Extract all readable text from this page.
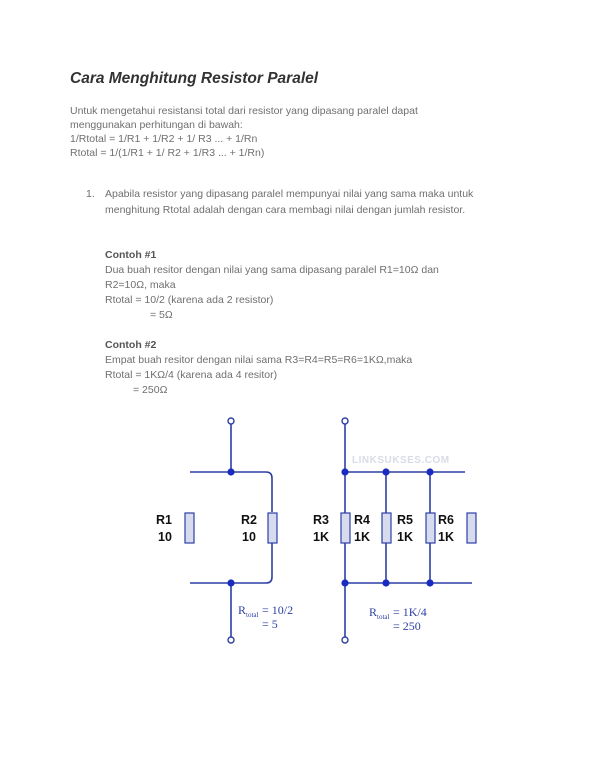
Cara Menghitung Resistor Paralel

Untuk mengetahui resistansi total dari resistor yang dipasang paralel dapat

menggunakan perhitungan di bawah:

1/Rtotal = 1/R1 + 1/R2 + 1/ R3 ... + 1/Rn

Rtotal = 1/(1/R1 + 1/ R2 + 1/R3 ... + 1/Rn)

1. Apabila resistor yang dipasang paralel mempunyai nilai yang sama maka untuk menghitung Rtotal adalah dengan cara membagi nilai dengan jumlah resistor.

Contoh #1

Dua buah resitor dengan nilai yang sama dipasang paralel R1=10Ω dan

R2=10Ω, maka

Rtotal = 10/2 (karena ada 2 resistor)

= 5Ω

Contoh #2

Empat buah resitor dengan nilai sama R3=R4=R5=R6=1KΩ,maka

Rtotal = 1KΩ/4 (karena ada 4 resitor)

= 250Ω

LINKSUKSES.COM
R1
10
R2
10
R total = 10/2
= 5
R3
1K
R4
1K
R5
1K
R6
1K
R total = 1K/4
= 250
